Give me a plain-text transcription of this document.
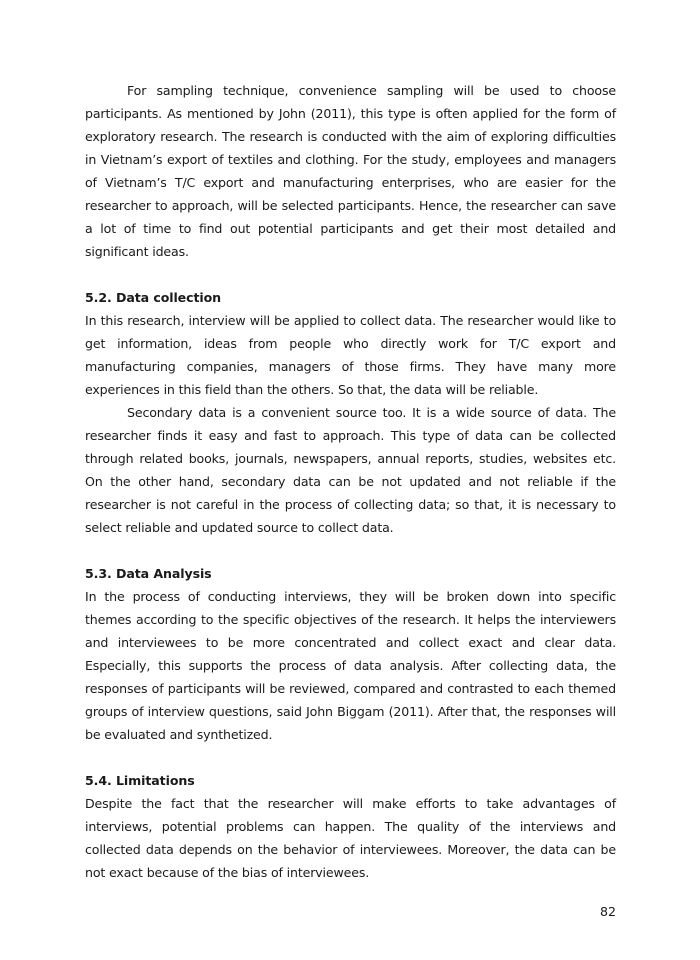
For sampling technique, convenience sampling will be used to choose participants. As mentioned by John (2011), this type is often applied for the form of exploratory research. The research is conducted with the aim of exploring difficulties in Vietnam’s export of textiles and clothing. For the study, employees and managers of Vietnam’s T/C export and manufacturing enterprises, who are easier for the researcher to approach, will be selected participants. Hence, the researcher can save a lot of time to find out potential participants and get their most detailed and significant ideas.

5.2. Data collection

In this research, interview will be applied to collect data. The researcher would like to get information, ideas from people who directly work for T/C export and manufacturing companies, managers of those firms. They have many more experiences in this field than the others. So that, the data will be reliable.

Secondary data is a convenient source too. It is a wide source of data. The researcher finds it easy and fast to approach. This type of data can be collected through related books, journals, newspapers, annual reports, studies, websites etc. On the other hand, secondary data can be not updated and not reliable if the researcher is not careful in the process of collecting data; so that, it is necessary to select reliable and updated source to collect data.

5.3. Data Analysis

In the process of conducting interviews, they will be broken down into specific themes according to the specific objectives of the research. It helps the interviewers and interviewees to be more concentrated and collect exact and clear data. Especially, this supports the process of data analysis. After collecting data, the responses of participants will be reviewed, compared and contrasted to each themed groups of interview questions, said John Biggam (2011). After that, the responses will be evaluated and synthetized.

5.4. Limitations

Despite the fact that the researcher will make efforts to take advantages of interviews, potential problems can happen. The quality of the interviews and collected data depends on the behavior of interviewees. Moreover, the data can be not exact because of the bias of interviewees.

82
